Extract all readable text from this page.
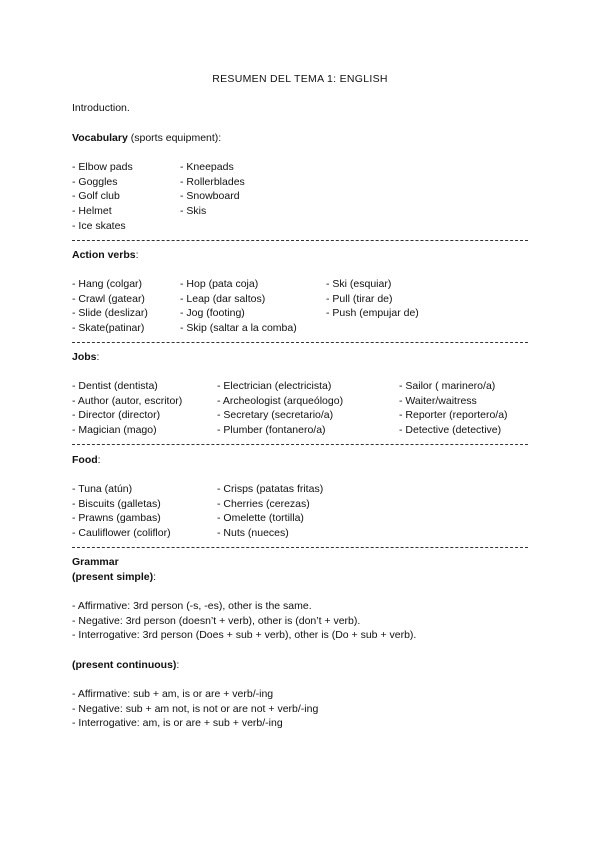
RESUMEN DEL TEMA 1: ENGLISH
Introduction.
Vocabulary (sports equipment):
- Elbow pads
- Goggles
- Golf club
- Helmet
- Ice skates
- Kneepads
- Rollerblades
- Snowboard
- Skis
Action verbs:
- Hang (colgar)
- Crawl (gatear)
- Slide (deslizar)
- Skate(patinar)
- Hop (pata coja)
- Leap (dar saltos)
- Jog (footing)
- Skip (saltar a la comba)
- Ski (esquiar)
- Pull (tirar de)
- Push (empujar de)
Jobs:
- Dentist (dentista)
- Author (autor, escritor)
- Director (director)
- Magician (mago)
- Electrician (electricista)
- Archeologist (arqueólogo)
- Secretary (secretario/a)
- Plumber (fontanero/a)
- Sailor ( marinero/a)
- Waiter/waitress
- Reporter (reportero/a)
- Detective (detective)
Food:
- Tuna (atún)
- Biscuits (galletas)
- Prawns (gambas)
- Cauliflower (coliflor)
- Crisps (patatas fritas)
- Cherries (cerezas)
- Omelette (tortilla)
- Nuts (nueces)
Grammar
(present simple):
- Affirmative: 3rd person (-s, -es), other is the same.
- Negative: 3rd person (doesn’t + verb), other is (don’t + verb).
- Interrogative: 3rd person (Does + sub + verb), other is (Do + sub + verb).
(present continuous):
- Affirmative: sub + am, is or are + verb/-ing
- Negative: sub + am not, is not or are not + verb/-ing
- Interrogative: am, is or are + sub + verb/-ing
